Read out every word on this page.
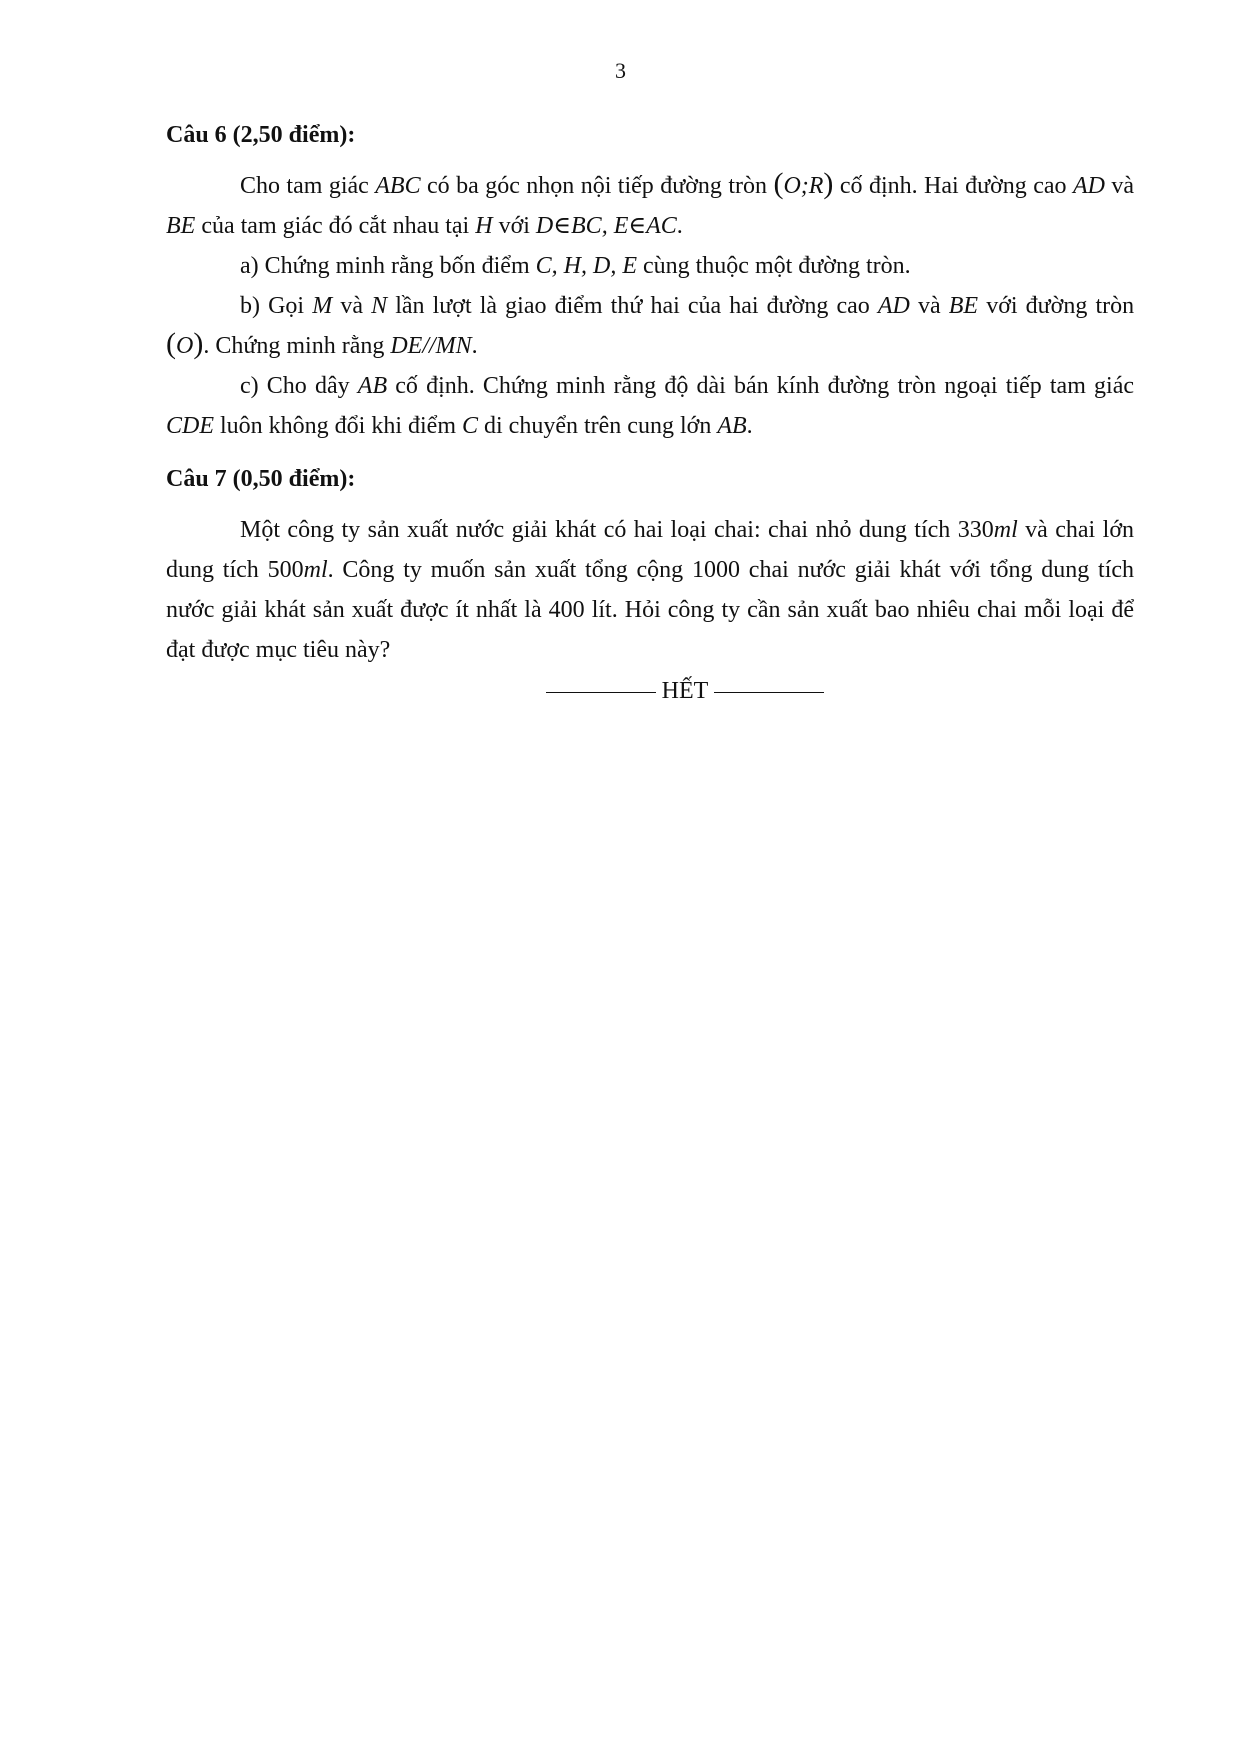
3

Câu 6 (2,50 điểm):

Cho tam giác ABC có ba góc nhọn nội tiếp đường tròn (O;R) cố định. Hai đường cao AD và BE của tam giác đó cắt nhau tại H với D∈BC, E∈AC.

a) Chứng minh rằng bốn điểm C, H, D, E cùng thuộc một đường tròn.

b) Gọi M và N lần lượt là giao điểm thứ hai của hai đường cao AD và BE với đường tròn (O). Chứng minh rằng DE//MN.

c) Cho dây AB cố định. Chứng minh rằng độ dài bán kính đường tròn ngoại tiếp tam giác CDE luôn không đổi khi điểm C di chuyển trên cung lớn AB.

Câu 7 (0,50 điểm):

Một công ty sản xuất nước giải khát có hai loại chai: chai nhỏ dung tích 330ml và chai lớn dung tích 500ml. Công ty muốn sản xuất tổng cộng 1000 chai nước giải khát với tổng dung tích nước giải khát sản xuất được ít nhất là 400 lít. Hỏi công ty cần sản xuất bao nhiêu chai mỗi loại để đạt được mục tiêu này?

HẾT
